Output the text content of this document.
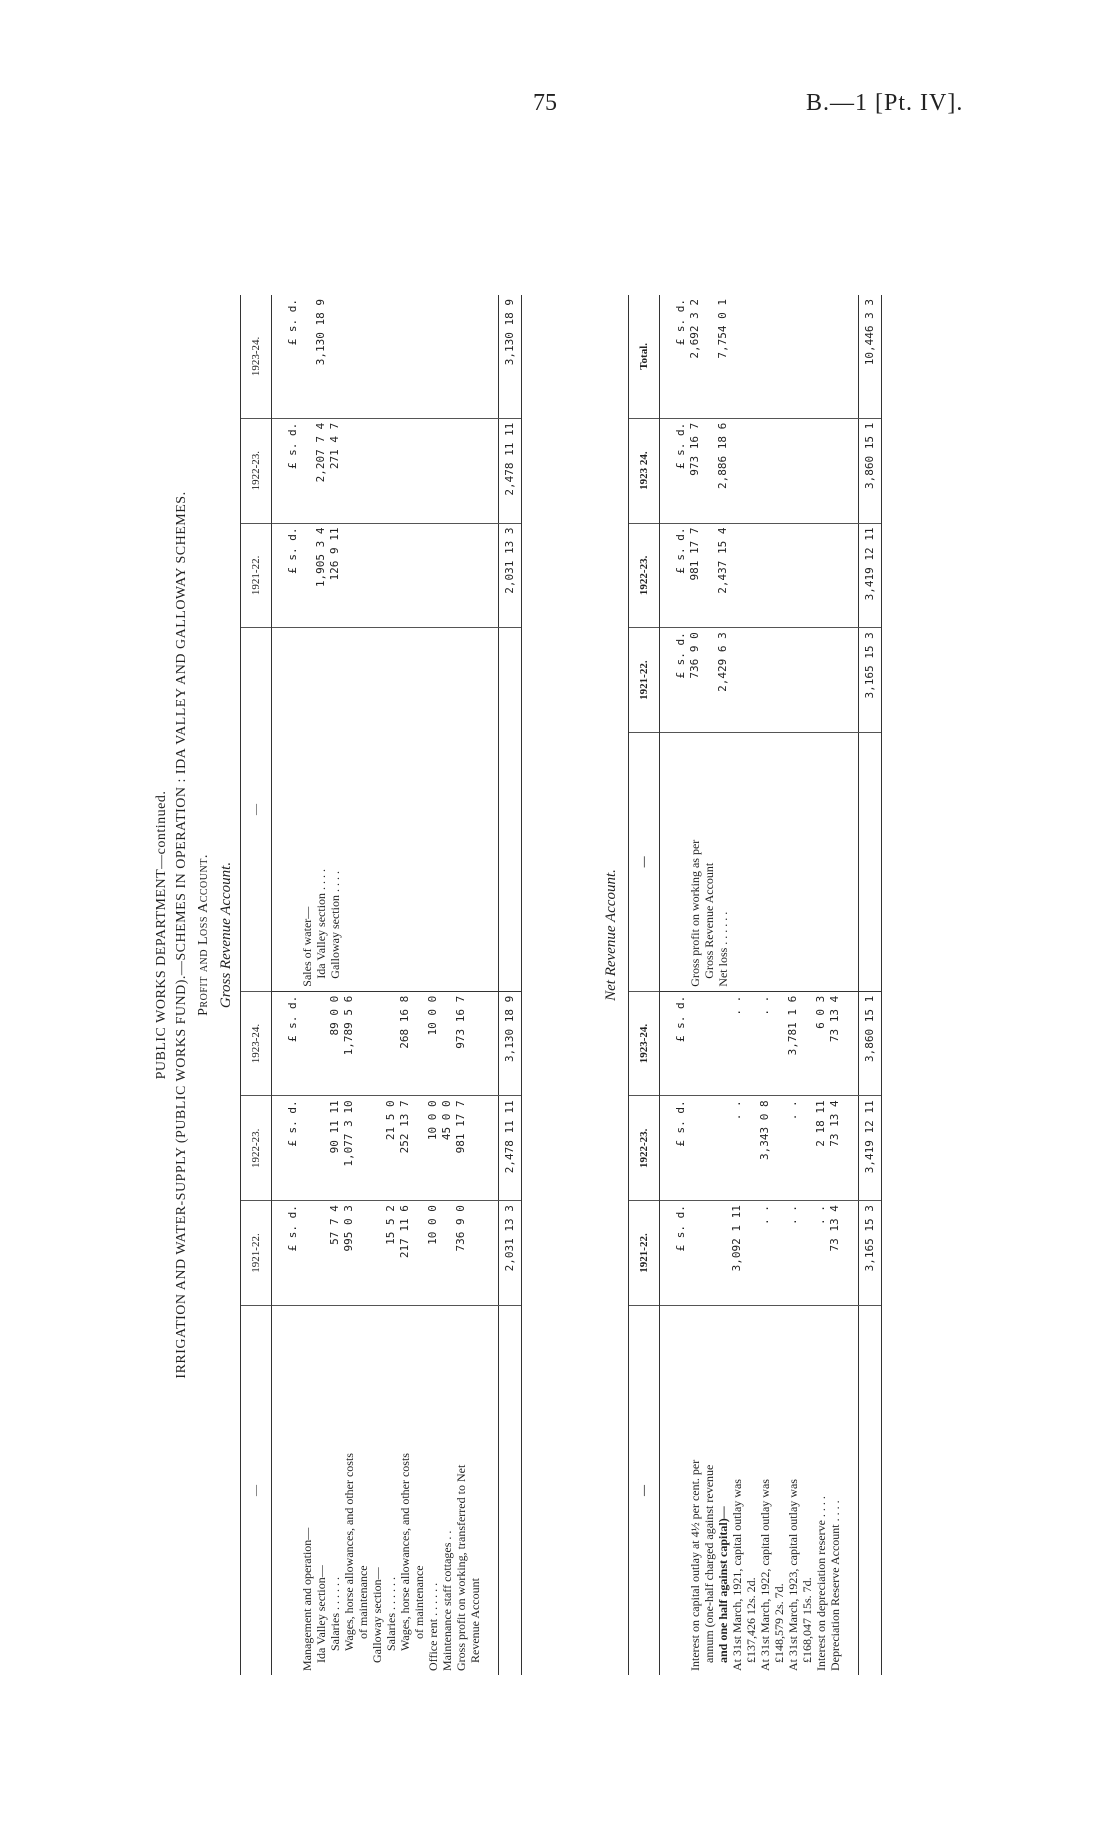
75	B.—1 [Pt. IV].
PUBLIC WORKS DEPARTMENT—continued. IRRIGATION AND WATER-SUPPLY (PUBLIC WORKS FUND).—SCHEMES IN OPERATION : IDA VALLEY AND GALLOWAY SCHEMES. Profit and Loss Account. Gross Revenue Account.
—	1921-22.	1922-23.	1923-24.	—	1921-22.	1922-23.	1923-24.
	£ s. d.	£ s. d.	£ s. d.		£ s. d.	£ s. d.	£ s. d.
Management and operation—				Sales of water—			
Ida Valley section—				Ida Valley section . . . .	1,905 3 4	2,207 7 4	3,130 18 9
Salaries . . . . . .	57 7 4	90 11 11	89 0 0	Galloway section . . . .	126 9 11	271 4 7	
Wages, horse allowances, and other costs	995 0 3	1,077 3 10	1,789 5 6				
of maintenance							
Galloway section—							
Salaries . . . . . .	15 5 2	21 5 0					
Wages, horse allowances, and other costs	217 11 6	252 13 7	268 16 8				
of maintenance							
Office rent . . . . . .	10 0 0	10 0 0	10 0 0				
Maintenance staff cottages . .		45 0 0					
Gross profit on working, transferred to Net	736 9 0	981 17 7	973 16 7				
Revenue Account							
	2,031 13 3	2,478 11 11	3,130 18 9		2,031 13 3	2,478 11 11	3,130 18 9
Net Revenue Account.
—	1921-22.	1922-23.	1923-24.	—	1921-22.	1922-23.	1923 24.	Total.
	£ s. d.	£ s. d.	£ s. d.		£ s. d.	£ s. d.	£ s. d.	£ s. d.
Interest on capital outlay at 4½ per cent. per				Gross profit on working as per	736 9 0	981 17 7	973 16 7	2,692 3 2
annum (one-half charged against revenue				Gross Revenue Account				
and one half against capital)—				Net loss . . . . . .	2,429 6 3	2,437 15 4	2,886 18 6	7,754 0 1
At 31st March, 1921, capital outlay was	3,092 1 11	. .	. .					
£137,426 12s. 2d.								
At 31st March, 1922, capital outlay was	. .	3,343 0 8	. .					
£148,579 2s. 7d.								
At 31st March, 1923, capital outlay was	. .	. .	3,781 1 6					
£168,047 15s. 7d.								
Interest on depreciation reserve . . . .	. .	2 18 11	6 0 3					
Depreciation Reserve Account . . . .	73 13 4	73 13 4	73 13 4					
	3,165 15 3	3,419 12 11	3,860 15 1		3,165 15 3	3,419 12 11	3,860 15 1	10,446 3 3
